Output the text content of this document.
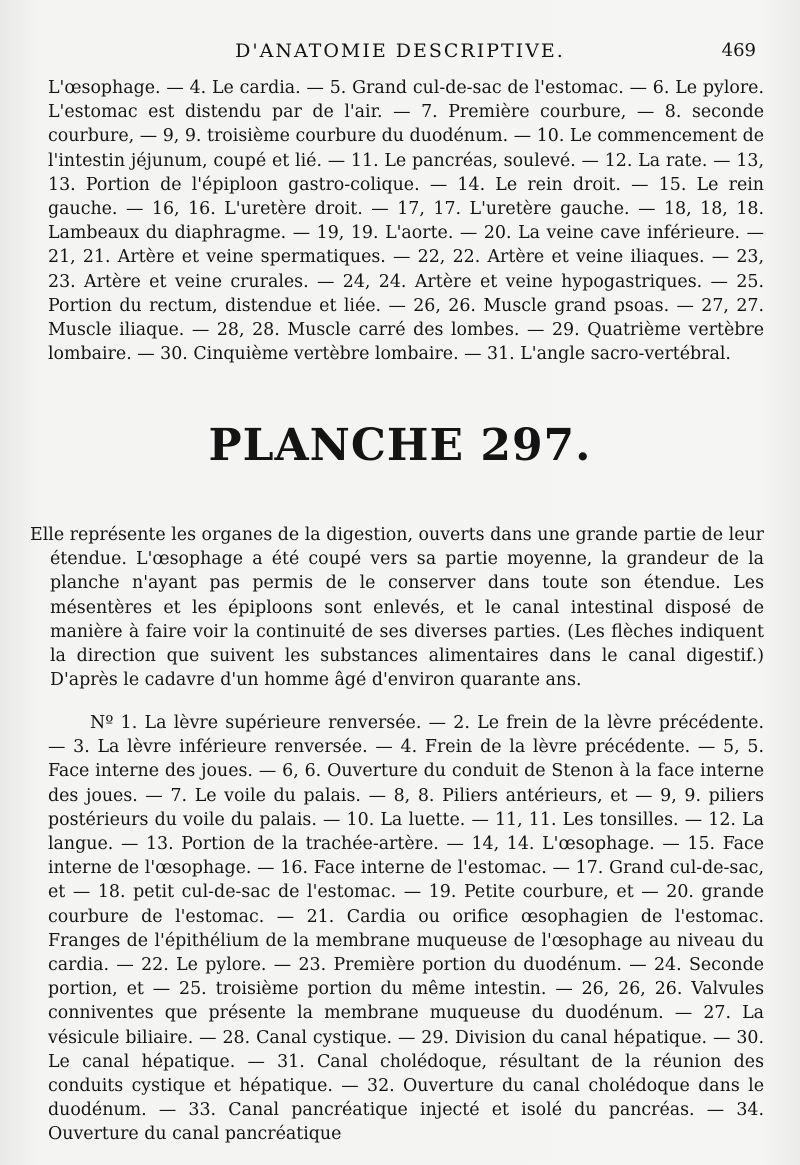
D'ANATOMIE DESCRIPTIVE.	469
L'œsophage. — 4. Le cardia. — 5. Grand cul-de-sac de l'estomac. — 6. Le pylore. L'estomac est distendu par de l'air. — 7. Première courbure, — 8. seconde courbure, — 9, 9. troisième courbure du duodénum. — 10. Le commencement de l'intestin jéjunum, coupé et lié. — 11. Le pancréas, soulevé. — 12. La rate. — 13, 13. Portion de l'épiploon gastro-colique. — 14. Le rein droit. — 15. Le rein gauche. — 16, 16. L'uretère droit. — 17, 17. L'uretère gauche. — 18, 18, 18. Lambeaux du diaphragme. — 19, 19. L'aorte. — 20. La veine cave inférieure. — 21, 21. Artère et veine spermatiques. — 22, 22. Artère et veine iliaques. — 23, 23. Artère et veine crurales. — 24, 24. Artère et veine hypogastriques. — 25. Portion du rectum, distendue et liée. — 26, 26. Muscle grand psoas. — 27, 27. Muscle iliaque. — 28, 28. Muscle carré des lombes. — 29. Quatrième vertèbre lombaire. — 30. Cinquième vertèbre lombaire. — 31. L'angle sacro-vertébral.
PLANCHE 297.
Elle représente les organes de la digestion, ouverts dans une grande partie de leur étendue. L'œsophage a été coupé vers sa partie moyenne, la grandeur de la planche n'ayant pas permis de le conserver dans toute son étendue. Les mésentères et les épiploons sont enlevés, et le canal intestinal disposé de manière à faire voir la continuité de ses diverses parties. (Les flèches indiquent la direction que suivent les substances alimentaires dans le canal digestif.) D'après le cadavre d'un homme âgé d'environ quarante ans.
Nº 1. La lèvre supérieure renversée. — 2. Le frein de la lèvre précédente. — 3. La lèvre inférieure renversée. — 4. Frein de la lèvre précédente. — 5, 5. Face interne des joues. — 6, 6. Ouverture du conduit de Stenon à la face interne des joues. — 7. Le voile du palais. — 8, 8. Piliers antérieurs, et — 9, 9. piliers postérieurs du voile du palais. — 10. La luette. — 11, 11. Les tonsilles. — 12. La langue. — 13. Portion de la trachée-artère. — 14, 14. L'œsophage. — 15. Face interne de l'œsophage. — 16. Face interne de l'estomac. — 17. Grand cul-de-sac, et — 18. petit cul-de-sac de l'estomac. — 19. Petite courbure, et — 20. grande courbure de l'estomac. — 21. Cardia ou orifice œsophagien de l'estomac. Franges de l'épithélium de la membrane muqueuse de l'œsophage au niveau du cardia. — 22. Le pylore. — 23. Première portion du duodénum. — 24. Seconde portion, et — 25. troisième portion du même intestin. — 26, 26, 26. Valvules conniventes que présente la membrane muqueuse du duodénum. — 27. La vésicule biliaire. — 28. Canal cystique. — 29. Division du canal hépatique. — 30. Le canal hépatique. — 31. Canal cholédoque, résultant de la réunion des conduits cystique et hépatique. — 32. Ouverture du canal cholédoque dans le duodénum. — 33. Canal pancréatique injecté et isolé du pancréas. — 34. Ouverture du canal pancréatique
